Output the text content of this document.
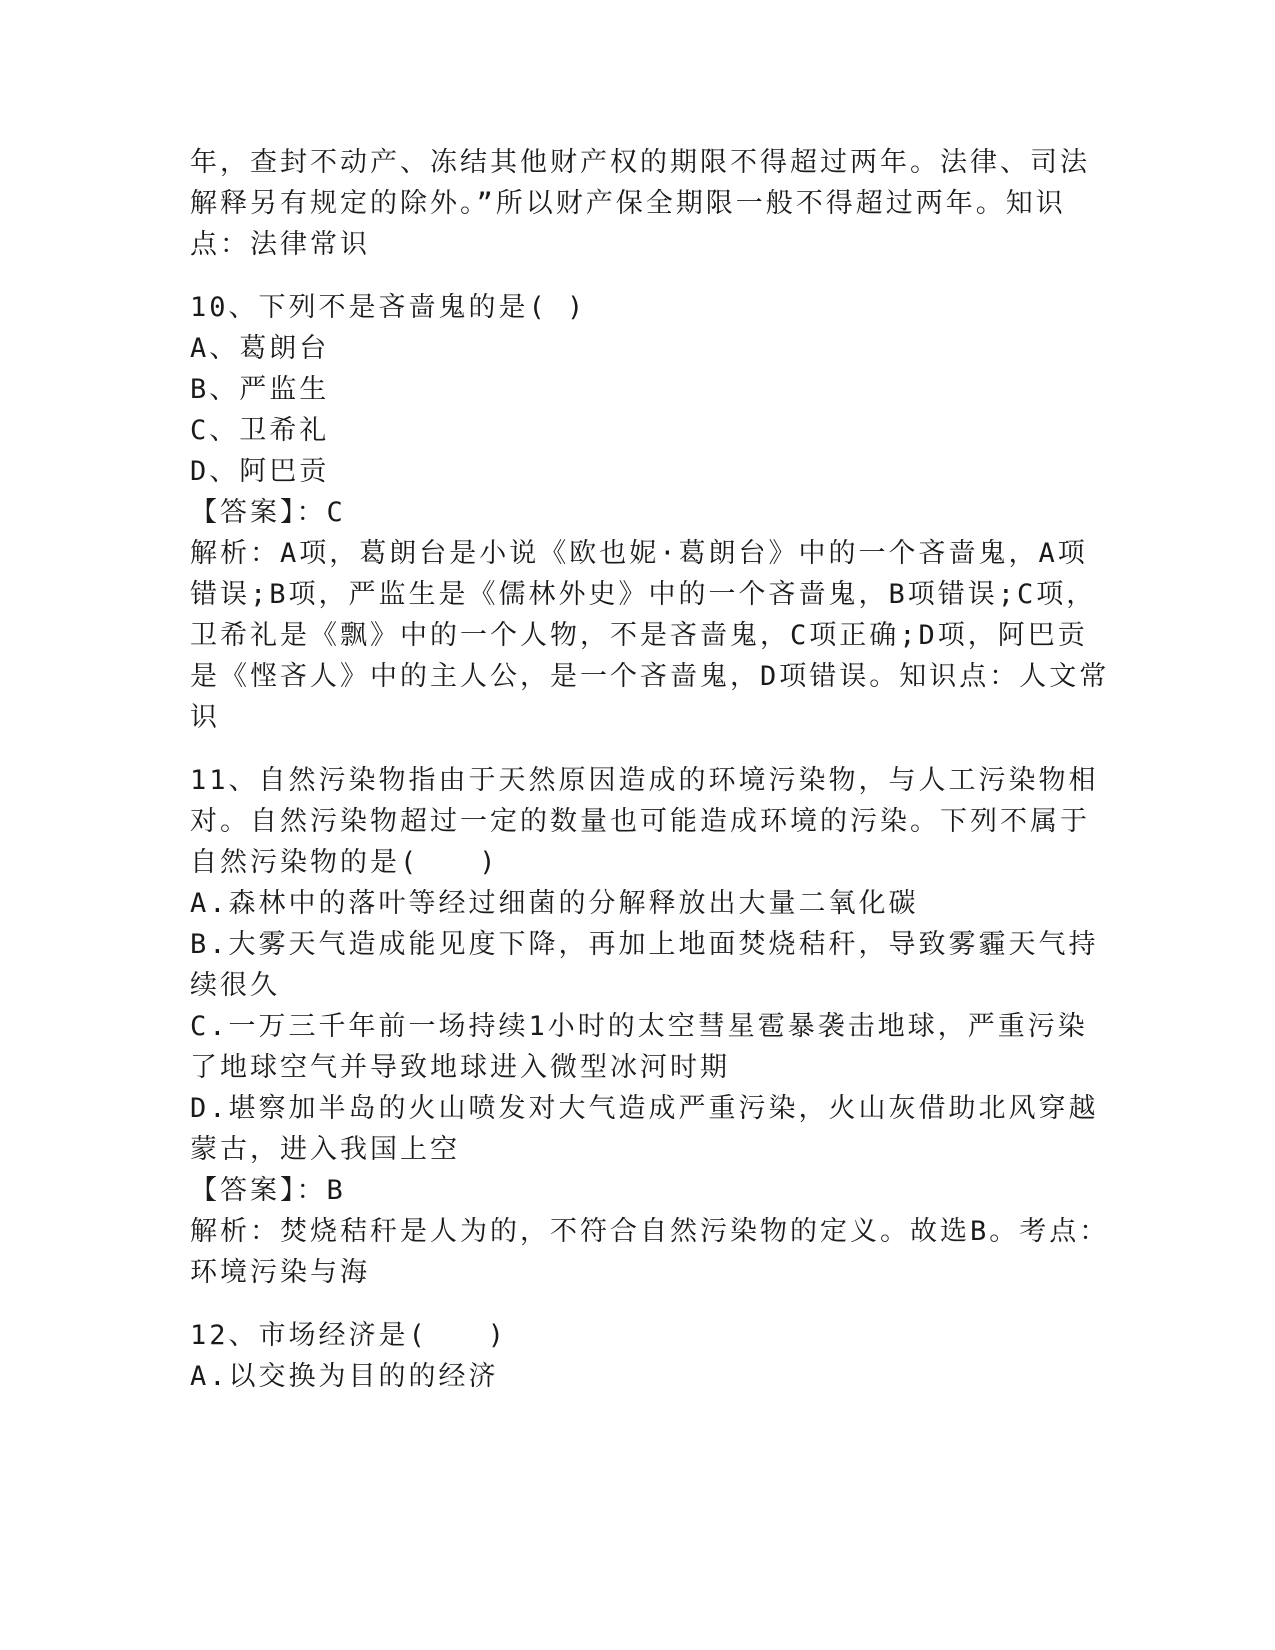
年，查封不动产、冻结其他财产权的期限不得超过两年。法律、司法
解释另有规定的除外。”所以财产保全期限一般不得超过两年。知识
点：法律常识
10、下列不是吝啬鬼的是( )
A、葛朗台
B、严监生
C、卫希礼
D、阿巴贡
【答案】：C
解析：A项，葛朗台是小说《欧也妮·葛朗台》中的一个吝啬鬼，A项
错误;B项，严监生是《儒林外史》中的一个吝啬鬼，B项错误;C项，
卫希礼是《飘》中的一个人物，不是吝啬鬼，C项正确;D项，阿巴贡
是《悭吝人》中的主人公，是一个吝啬鬼，D项错误。知识点：人文常
识
11、自然污染物指由于天然原因造成的环境污染物，与人工污染物相
对。自然污染物超过一定的数量也可能造成环境的污染。下列不属于
自然污染物的是(　　)
A.森林中的落叶等经过细菌的分解释放出大量二氧化碳
B.大雾天气造成能见度下降，再加上地面焚烧秸秆，导致雾霾天气持
续很久
C.一万三千年前一场持续1小时的太空彗星雹暴袭击地球，严重污染
了地球空气并导致地球进入微型冰河时期
D.堪察加半岛的火山喷发对大气造成严重污染，火山灰借助北风穿越
蒙古，进入我国上空
【答案】：B
解析：焚烧秸秆是人为的，不符合自然污染物的定义。故选B。考点：
环境污染与海
12、市场经济是(　　)
A.以交换为目的的经济
